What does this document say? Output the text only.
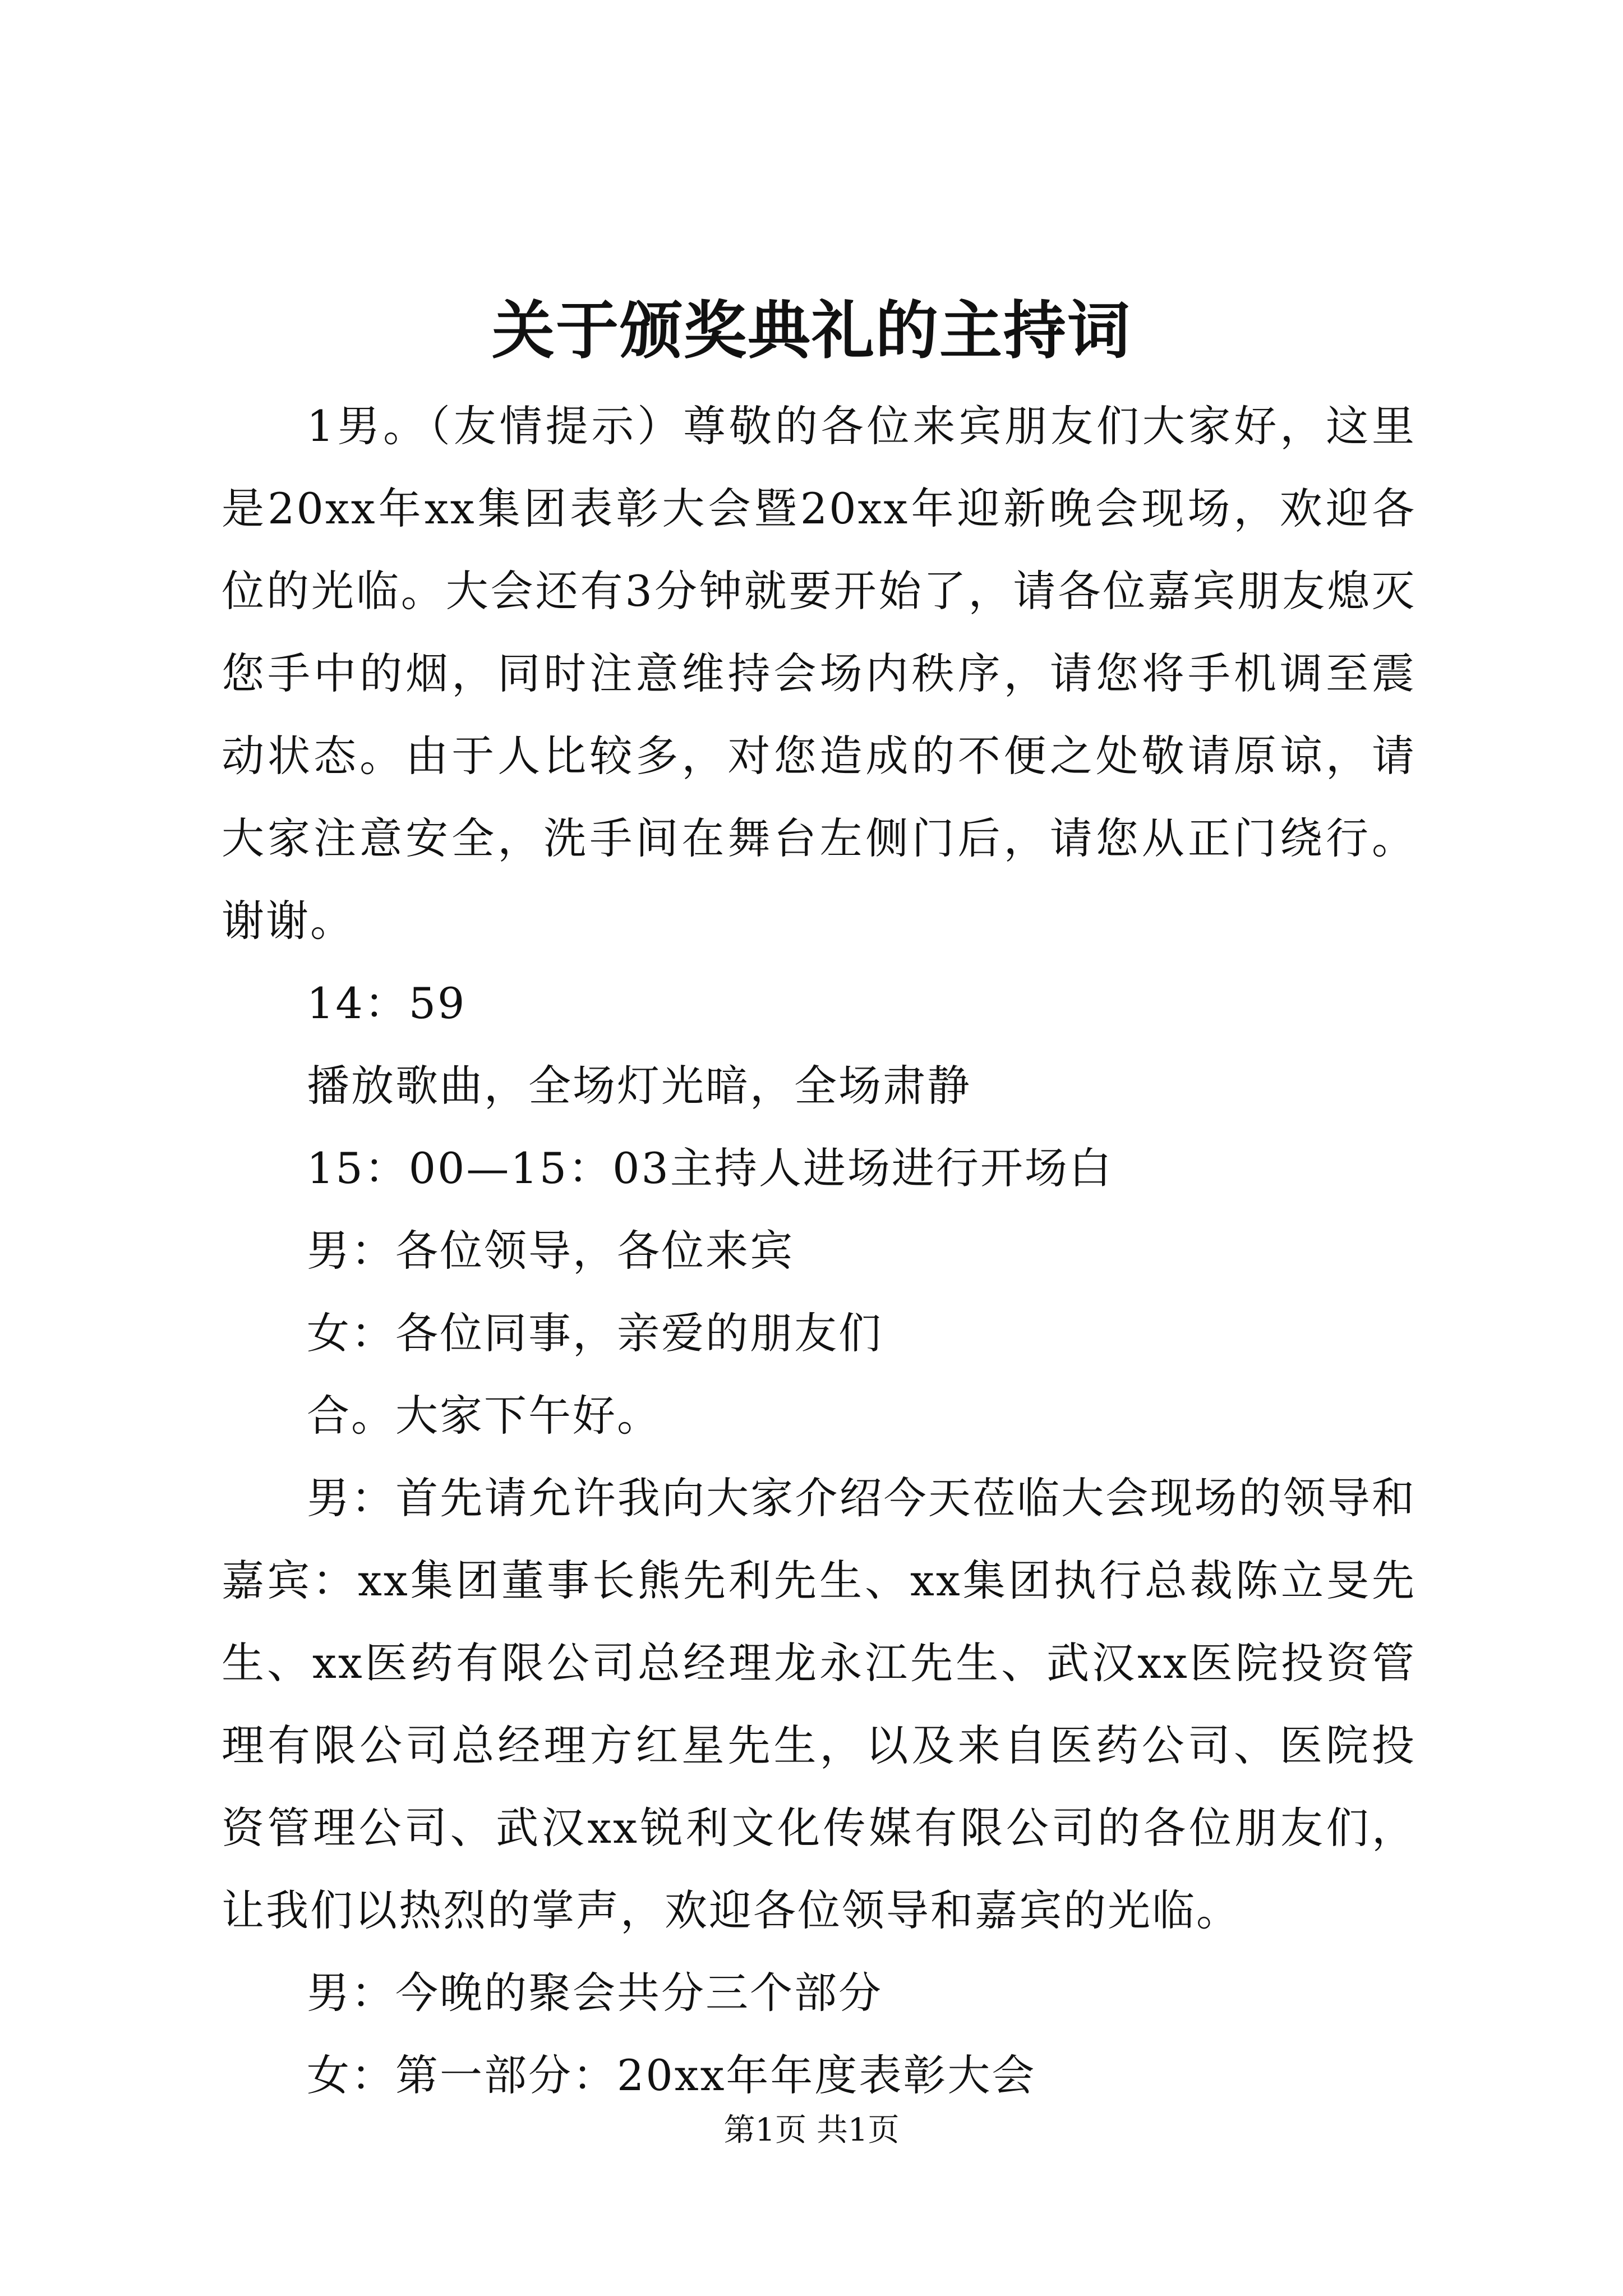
关于颁奖典礼的主持词

1男。（友情提示）尊敬的各位来宾朋友们大家好，这里是20xx年xx集团表彰大会暨20xx年迎新晚会现场，欢迎各位的光临。大会还有3分钟就要开始了，请各位嘉宾朋友熄灭您手中的烟，同时注意维持会场内秩序，请您将手机调至震动状态。由于人比较多，对您造成的不便之处敬请原谅，请大家注意安全，洗手间在舞台左侧门后，请您从正门绕行。谢谢。

14：59

播放歌曲，全场灯光暗，全场肃静

15：00—15：03主持人进场进行开场白

男：各位领导，各位来宾

女：各位同事，亲爱的朋友们

合。大家下午好。

男：首先请允许我向大家介绍今天莅临大会现场的领导和嘉宾：xx集团董事长熊先利先生、xx集团执行总裁陈立旻先生、xx医药有限公司总经理龙永江先生、武汉xx医院投资管理有限公司总经理方红星先生，以及来自医药公司、医院投资管理公司、武汉xx锐利文化传媒有限公司的各位朋友们，让我们以热烈的掌声，欢迎各位领导和嘉宾的光临。

男：今晚的聚会共分三个部分

女：第一部分：20xx年年度表彰大会

第1页 共1页
